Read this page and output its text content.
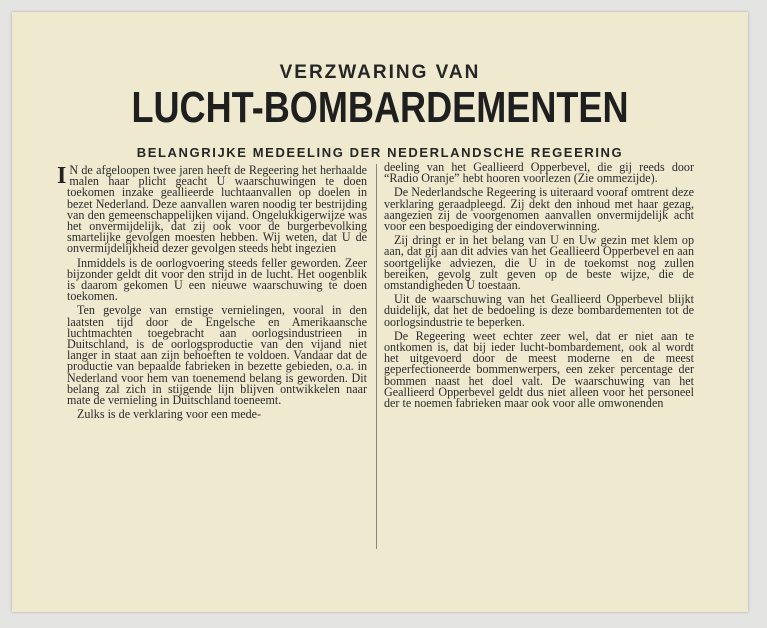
VERZWARING VAN
LUCHT-BOMBARDEMENTEN
BELANGRIJKE MEDEELING DER NEDERLANDSCHE REGEERING

I N de afgeloopen twee jaren heeft de Regeering het herhaalde malen haar plicht geacht U waarschuwingen te doen toekomen inzake geallieerde luchtaanvallen op doelen in bezet Nederland. Deze aanvallen waren noodig ter bestrijding van den gemeenschappelijken vijand. Ongelukkigerwijze was het onvermijdelijk, dat zij ook voor de burgerbevolking smartelijke gevolgen moesten hebben. Wij weten, dat U de onvermijdelijkheid dezer gevolgen steeds hebt ingezien

Inmiddels is de oorlogvoering steeds feller geworden. Zeer bijzonder geldt dit voor den strijd in de lucht. Het oogenblik is daarom gekomen U een nieuwe waarschuwing te doen toekomen.

Ten gevolge van ernstige vernielingen, vooral in den laatsten tijd door de Engelsche en Amerikaansche luchtmachten toegebracht aan oorlogsindustrieen in Duitschland, is de oorlogsproductie van den vijand niet langer in staat aan zijn behoeften te voldoen. Vandaar dat de productie van bepaalde fabrieken in bezette gebieden, o.a. in Nederland voor hem van toenemend belang is geworden. Dit belang zal zich in stijgende lijn blijven ontwikkelen naar mate de vernieling in Duitschland toeneemt.

Zulks is de verklaring voor een mede-

deeling van het Geallieerd Opperbevel, die gij reeds door “Radio Oranje” hebt hooren voorlezen (Zie ommezijde).

De Nederlandsche Regeering is uiteraard vooraf omtrent deze verklaring geraadpleegd. Zij dekt den inhoud met haar gezag, aangezien zij de voorgenomen aanvallen onvermijdelijk acht voor een bespoediging der eindoverwinning.

Zij dringt er in het belang van U en Uw gezin met klem op aan, dat gij aan dit advies van het Geallieerd Opperbevel en aan soortgelijke adviezen, die U in de toekomst nog zullen bereiken, gevolg zult geven op de beste wijze, die de omstandigheden U toestaan.

Uit de waarschuwing van het Geallieerd Opperbevel blijkt duidelijk, dat het de bedoeling is deze bombardementen tot de oorlogsindustrie te beperken.

De Regeering weet echter zeer wel, dat er niet aan te ontkomen is, dat bij ieder lucht-bombardement, ook al wordt het uitgevoerd door de meest moderne en de meest geperfectioneerde bommenwerpers, een zeker percentage der bommen naast het doel valt. De waarschuwing van het Geallieerd Opperbevel geldt dus niet alleen voor het personeel der te noemen fabrieken maar ook voor alle omwonenden
